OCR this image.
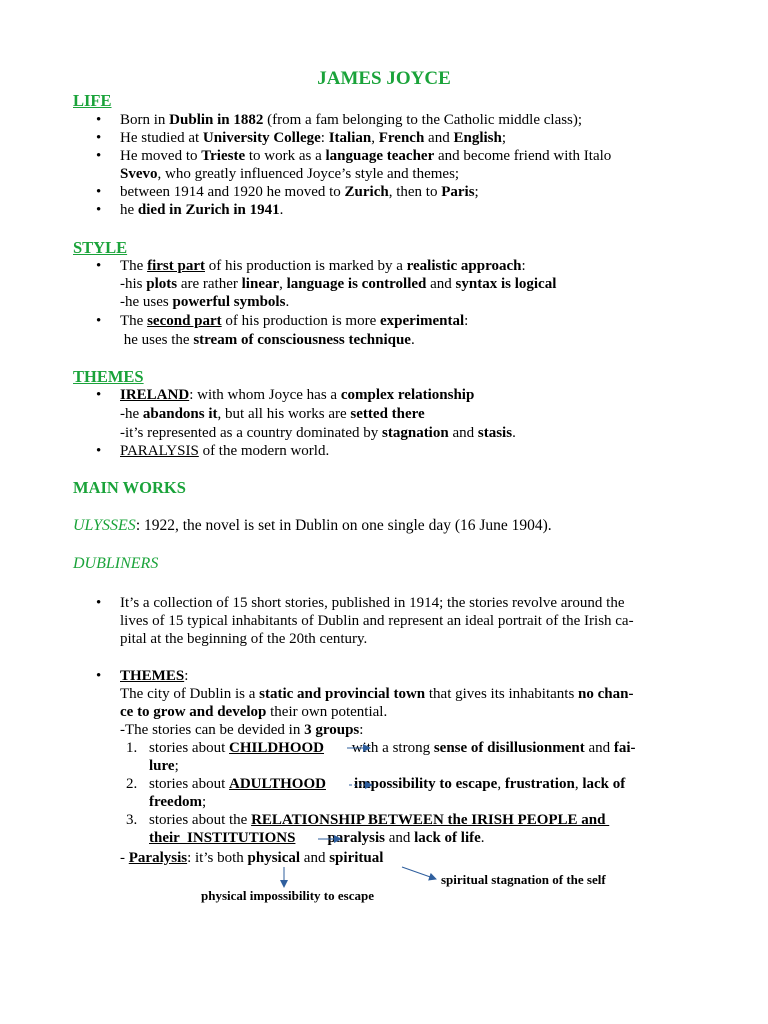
JAMES JOYCE
LIFE
• Born in Dublin in 1882 (from a fam belonging to the Catholic middle class);
• He studied at University College: Italian, French and English;
• He moved to Trieste to work as a language teacher and become friend with Italo
Svevo, who greatly influenced Joyce’s style and themes;
• between 1914 and 1920 he moved to Zurich, then to Paris;
• he died in Zurich in 1941.
STYLE
• The first part of his production is marked by a realistic approach:
-his plots are rather linear, language is controlled and syntax is logical
-he uses powerful symbols.
• The second part of his production is more experimental:
he uses the stream of consciousness technique.
THEMES
• IRELAND: with whom Joyce has a complex relationship
-he abandons it, but all his works are setted there
-it’s represented as a country dominated by stagnation and stasis.
• PARALYSIS of the modern world.
MAIN WORKS
ULYSSES: 1922, the novel is set in Dublin on one single day (16 June 1904).
DUBLINERS
• It’s a collection of 15 short stories, published in 1914; the stories revolve around the
lives of 15 typical inhabitants of Dublin and represent an ideal portrait of the Irish ca-
pital at the beginning of the 20th century.
• THEMES:
The city of Dublin is a static and provincial town that gives its inhabitants no chan-
ce to grow and develop their own potential.
-The stories can be devided in 3 groups:
1. stories about CHILDHOOD with a strong sense of disillusionment and fai-
lure;
2. stories about ADULTHOOD impossibility to escape, frustration, lack of
freedom;
3. stories about the RELATIONSHIP BETWEEN the IRISH PEOPLE and
their  INSTITUTIONS paralysis and lack of life.
- Paralysis: it’s both physical and spiritual
spiritual stagnation of the self
physical impossibility to escape
